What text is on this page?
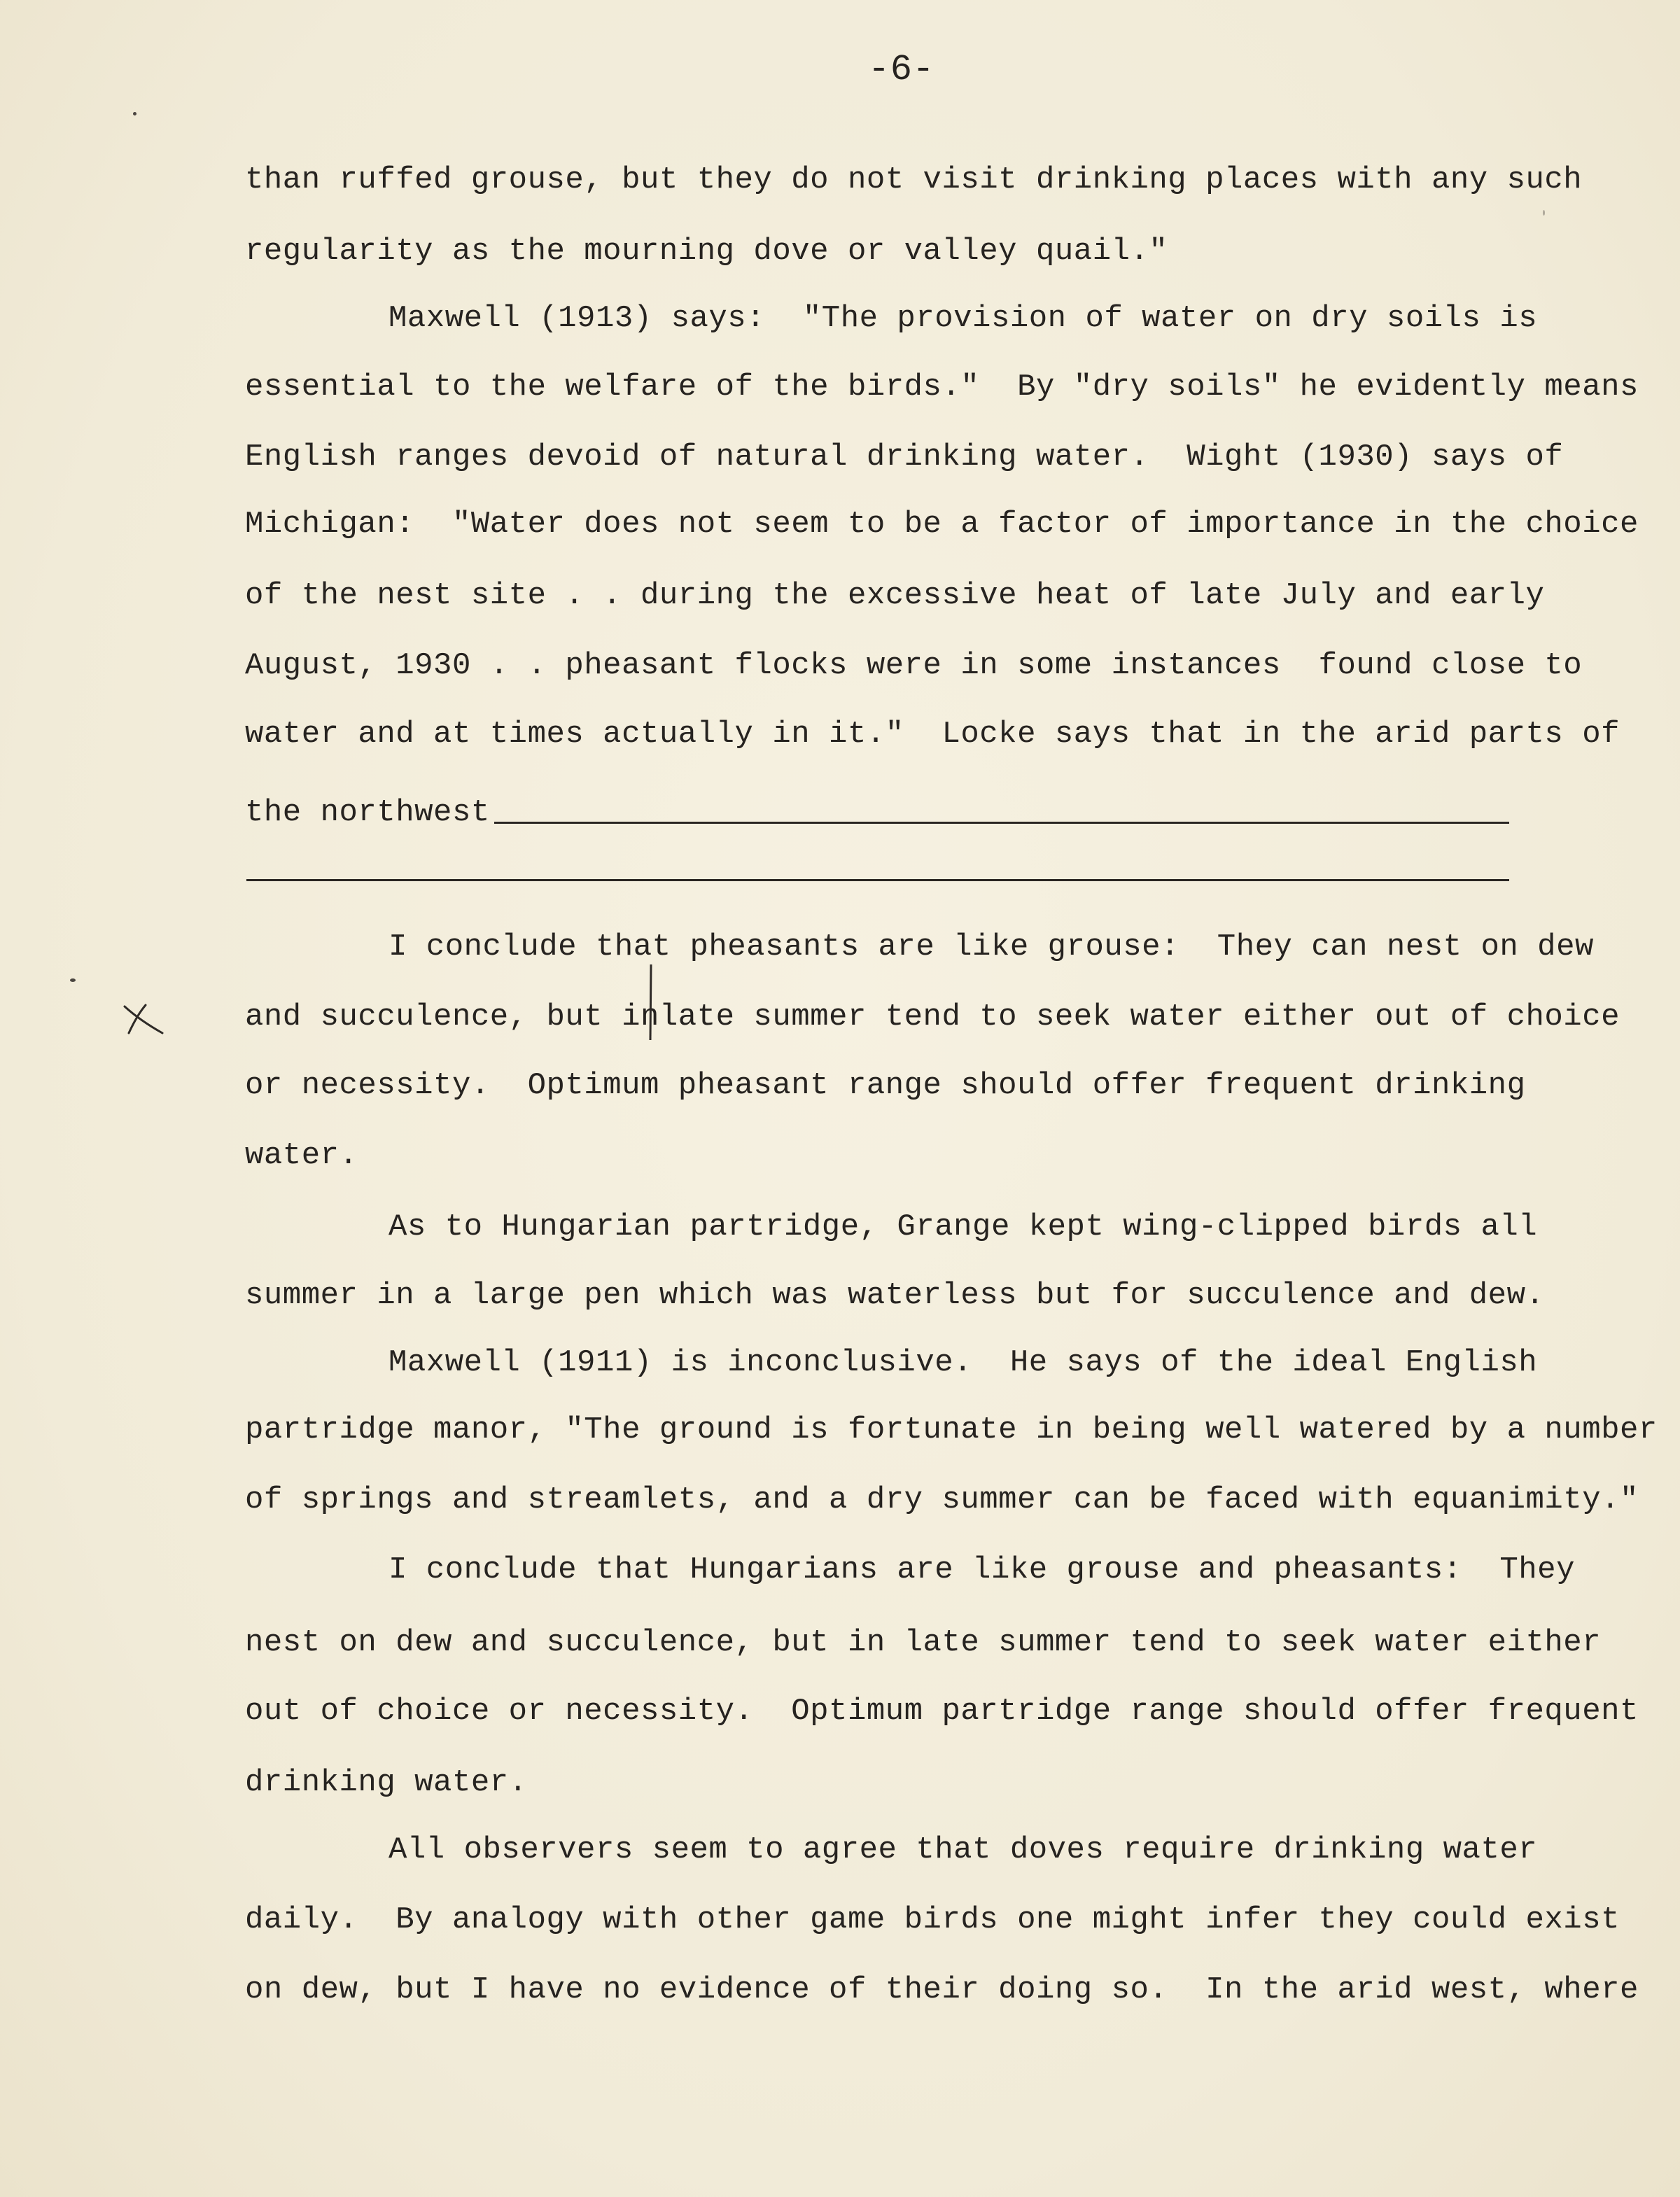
-6-
than ruffed grouse, but they do not visit drinking places with any such
regularity as the mourning dove or valley quail."
Maxwell (1913) says:  "The provision of water on dry soils is
essential to the welfare of the birds."  By "dry soils" he evidently means
English ranges devoid of natural drinking water.  Wight (1930) says of
Michigan:  "Water does not seem to be a factor of importance in the choice
of the nest site . . during the excessive heat of late July and early
August, 1930 . . pheasant flocks were in some instances  found close to
water and at times actually in it."  Locke says that in the arid parts of
the northwest
I conclude that pheasants are like grouse:  They can nest on dew
and succulence, but inlate summer tend to seek water either out of choice
or necessity.  Optimum pheasant range should offer frequent drinking
water.
As to Hungarian partridge, Grange kept wing-clipped birds all
summer in a large pen which was waterless but for succulence and dew.
Maxwell (1911) is inconclusive.  He says of the ideal English
partridge manor, "The ground is fortunate in being well watered by a number
of springs and streamlets, and a dry summer can be faced with equanimity."
I conclude that Hungarians are like grouse and pheasants:  They
nest on dew and succulence, but in late summer tend to seek water either
out of choice or necessity.  Optimum partridge range should offer frequent
drinking water.
All observers seem to agree that doves require drinking water
daily.  By analogy with other game birds one might infer they could exist
on dew, but I have no evidence of their doing so.  In the arid west, where
